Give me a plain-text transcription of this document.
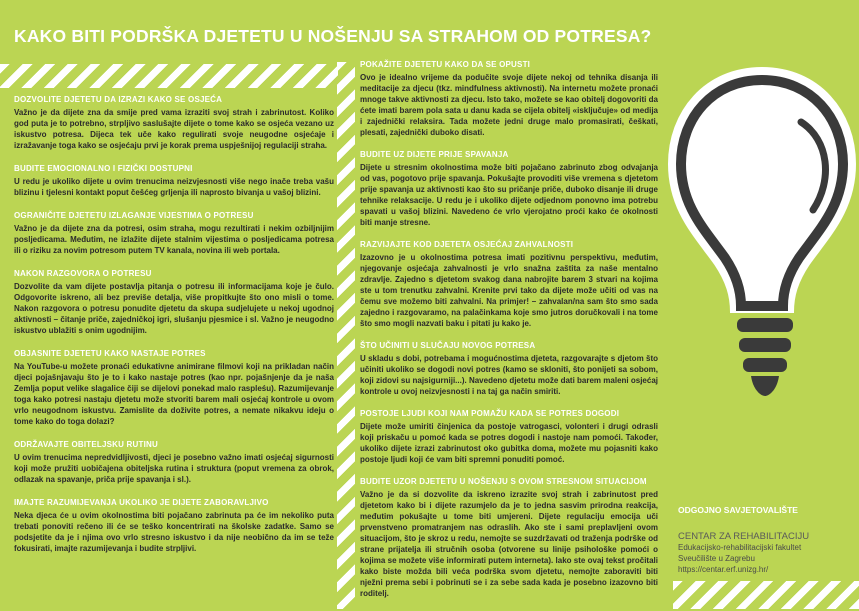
KAKO BITI PODRŠKA DJETETU U NOŠENJU SA STRAHOM OD POTRESA?

DOZVOLITE DJETETU DA IZRAZI KAKO SE OSJEĆA

Važno je da dijete zna da smije pred vama izraziti svoj strah i zabrinutost. Koliko god puta je to potrebno, strpljivo saslušajte dijete o tome kako se osjeća vezano uz iskustvo potresa. Dijeca tek uče kako regulirati svoje neugodne osjećaje i izražavanje toga kako se osjećaju prvi je korak prema uspješnijoj regulaciji straha.

BUDITE EMOCIONALNO I FIZIČKI DOSTUPNI

U redu je ukoliko dijete u ovim trenucima neizvjesnosti više nego inače treba vašu blizinu i tjelesni kontakt poput češćeg grljenja ili naprosto bivanja u vašoj blizini.

OGRANIČITE DJETETU IZLAGANJE VIJESTIMA O POTRESU

Važno je da dijete zna da potresi, osim straha, mogu rezultirati i nekim ozbiljnijim posljedicama. Međutim, ne izlažite dijete stalnim vijestima o posljedicama potresa ili o riziku za novim potresom putem TV kanala, novina ili web portala.

NAKON RAZGOVORA O POTRESU

Dozvolite da vam dijete postavlja pitanja o potresu ili informacijama koje je čulo. Odgovorite iskreno, ali bez previše detalja, više propitkujte što ono misli o tome. Nakon razgovora o potresu ponudite djetetu da skupa sudjelujete u nekoj ugodnoj aktivnosti – čitanje priče, zajedničkoj igri, slušanju pjesmice i sl. Važno je neugodno iskustvo ublažiti s onim ugodnijim.

OBJASNITE DJETETU KAKO NASTAJE POTRES

Na YouTube-u možete pronaći edukativne animirane filmovi koji na prikladan način djeci pojašnjavaju što je to i kako nastaje potres (kao npr. pojašnjenje da je naša Zemlja poput velike slagalice čiji se dijelovi ponekad malo raspleśu). Razumijevanje toga kako potresi nastaju djetetu može stvoriti barem mali osjećaj kontrole u ovom vrlo neugodnom iskustvu. Zamislite da doživite potres, a nemate nikakvu ideju o tome kako do toga dolazi?

ODRŽAVAJTE OBITELJSKU RUTINU

U ovim trenucima nepredvidljivosti, djeci je posebno važno imati osjećaj sigurnosti koji može pružiti uobičajena obiteljska rutina i struktura (poput vremena za obrok, odlazak na spavanje, priča prije spavanja i sl.).

IMAJTE RAZUMIJEVANJA UKOLIKO JE DIJETE ZABORAVLJIVO

Neka djeca će u ovim okolnostima biti pojačano zabrinuta pa će im nekoliko puta trebati ponoviti rečeno ili će se teško koncentrirati na školske zadatke. Samo se podsjetite da je i njima ovo vrlo stresno iskustvo i da nije neobično da im se teže fokusirati, imajte razumijevanja i budite strpljivi.

POKAŽITE DJETETU KAKO DA SE OPUSTI

Ovo je idealno vrijeme da podučite svoje dijete nekoj od tehnika disanja ili meditacije za djecu (tkz. mindfulness aktivnosti). Na internetu možete pronaći mnoge takve aktivnosti za djecu. Isto tako, možete se kao obitelj dogovoriti da ćete imati barem pola sata u danu kada se cijela obitelj «isključuje» od medija i zajednički relaksira. Tada možete jedni druge malo promasirati, češkati, plesati, zajednički duboko disati.

BUDITE UZ DIJETE PRIJE SPAVANJA

Dijete u stresnim okolnostima može biti pojačano zabrinuto zbog odvajanja od vas, pogotovo prije spavanja. Pokušajte provoditi više vremena s djetetom prije spavanja uz aktivnosti kao što su pričanje priče, duboko disanje ili druge tehnike relaksacije. U redu je i ukoliko dijete odjednom ponovno ima potrebu spavati u vašoj blizini. Navedeno će vrlo vjerojatno proći kako će okolnosti biti manje stresne.

RAZVIJAJTE KOD DJETETA OSJEĆAJ ZAHVALNOSTI

Izazovno je u okolnostima potresa imati pozitivnu perspektivu, međutim, njegovanje osjećaja zahvalnosti je vrlo snažna zaštita za naše mentalno zdravlje. Zajedno s djetetom svakog dana nabrojite barem 3 stvari na kojima ste u tom trenutku zahvalni. Krenite prvi tako da dijete može učiti od vas na čemu sve možemo biti zahvalni. Na primjer! – zahvalan/na sam što smo sada zajedno i razgovaramo, na palačinkama koje smo jutros doručkovali i na tome što smo mogli nazvati baku i pitati ju kako je.

ŠTO UČINITI U SLUČAJU NOVOG POTRESA

U skladu s dobi, potrebama i mogućnostima djeteta, razgovarajte s djetom što učiniti ukoliko se dogodi novi potres (kamo se skloniti, što ponijeti sa sobom, koji zidovi su najsigurniji...). Navedeno djetetu može dati barem maleni osjećaj kontrole u ovoj neizvjesnosti i na taj ga način smiriti.

POSTOJE LJUDI KOJI NAM POMAŽU KADA SE POTRES DOGODI

Dijete može umiriti činjenica da postoje vatrogasci, volonteri i drugi odrasli koji priskaču u pomoć kada se potres dogodi i nastoje nam pomoći. Također, ukoliko dijete izrazi zabrinutost oko gubitka doma, možete mu pojasniti kako postoje ljudi koji će vam biti spremni ponuditi pomoć.

BUDITE UZOR DJETETU U NOŠENJU S OVOM STRESNOM SITUACIJOM

Važno je da si dozvolite da iskreno izrazite svoj strah i zabrinutost pred djetetom kako bi i dijete razumjelo da je to jedna sasvim prirodna reakcija, međutim pokušajte u tome biti umjereni. Dijete regulaciju emocija uči prvenstveno promatranjem nas odraslih. Ako ste i sami preplavljeni ovom situacijom, što je skroz u redu, nemojte se suzdržavati od traženja podrške od strane prijatelja ili stručnih osoba (otvorene su linije psihološke pomoći o kojima se možete više informirati putem interneta). Iako ste ovaj tekst pročitali kako biste možda bili veća podrška svom djetetu, nemojte zaboraviti biti nježni prema sebi i pobrinuti se i za sebe sada kada je posebno izazovno biti roditelj.

ODGOJNO SAVJETOVALIŠTE

CENTAR ZA REHABILITACIJU

Edukacijsko-rehabilitacijski fakultet

Sveučilište u Zagrebu

https://centar.erf.unizg.hr/
